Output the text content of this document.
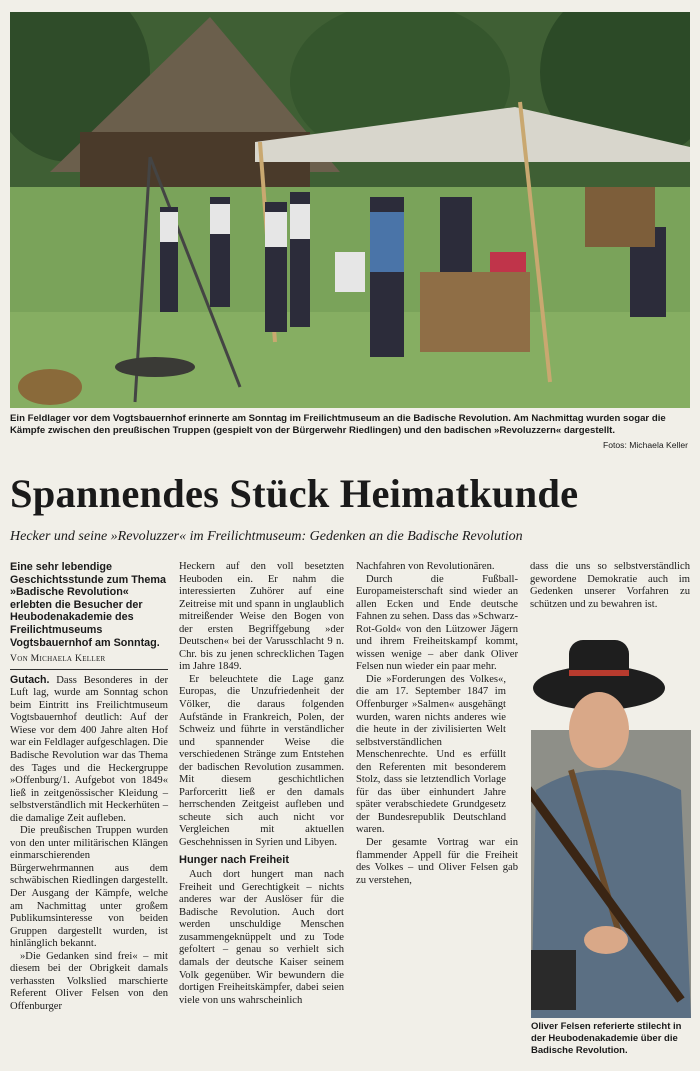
Ein Feldlager vor dem Vogtsbauernhof erinnerte am Sonntag im Freilichtmuseum an die Badische Revolution. Am Nachmittag wurden sogar die Kämpfe zwischen den preußischen Truppen (gespielt von der Bürgerwehr Riedlingen) und den badischen »Revoluzzern« dargestellt.
Fotos: Michaela Keller
Spannendes Stück Heimatkunde
Hecker und seine »Revoluzzer« im Freilichtmuseum: Gedenken an die Badische Revolution
Eine sehr lebendige Geschichtsstunde zum Thema »Badische Revolution« erlebten die Besucher der Heubodenakademie des Freilichtmuseums Vogtsbauernhof am Sonntag.
Von Michaela Keller

Gutach. Dass Besonderes in der Luft lag, wurde am Sonntag schon beim Eintritt ins Freilichtmuseum Vogtsbauernhof deutlich: Auf der Wiese vor dem 400 Jahre alten Hof war ein Feldlager aufgeschlagen. Die Badische Revolution war das Thema des Tages und die Heckergruppe »Offenburg/1. Aufgebot von 1849« ließ in zeitgenössischer Kleidung – selbstverständlich mit Heckerhüten – die damalige Zeit aufleben.

Die preußischen Truppen wurden von den unter militärischen Klängen einmarschierenden Bürgerwehrmannen aus dem schwäbischen Riedlingen dargestellt. Der Ausgang der Kämpfe, welche am Nachmittag unter großem Publikumsinteresse von beiden Gruppen dargestellt wurden, ist hinlänglich bekannt.

»Die Gedanken sind frei« – mit diesem bei der Obrigkeit damals verhassten Volkslied marschierte Referent Oliver Felsen von den Offenburger

Heckern auf den voll besetzten Heuboden ein. Er nahm die interessierten Zuhörer auf eine Zeitreise mit und spann in unglaublich mitreißender Weise den Bogen von der ersten Begriffgebung »der Deutschen« bei der Varusschlacht 9 n. Chr. bis zu jenen schrecklichen Tagen im Jahre 1849.

Er beleuchtete die Lage ganz Europas, die Unzufriedenheit der Völker, die daraus folgenden Aufstände in Frankreich, Polen, der Schweiz und führte in verständlicher und spannender Weise die verschiedenen Stränge zum Entstehen der badischen Revolution zusammen. Mit diesem geschichtlichen Parforceritt ließ er den damals herrschenden Zeitgeist aufleben und scheute sich auch nicht vor Vergleichen mit aktuellen Geschehnissen in Syrien und Libyen.

Hunger nach Freiheit

Auch dort hungert man nach Freiheit und Gerechtigkeit – nichts anderes war der Auslöser für die Badische Revolution. Auch dort werden unschuldige Menschen zusammengeknüppelt und zu Tode gefoltert – genau so verhielt sich damals der deutsche Kaiser seinem Volk gegenüber. Wir bewundern die dortigen Freiheitskämpfer, dabei seien viele von uns wahrscheinlich

Nachfahren von Revolutionären.

Durch die Fußball-Europameisterschaft sind wieder an allen Ecken und Ende deutsche Fahnen zu sehen. Dass das »Schwarz-Rot-Gold« von den Lützower Jägern und ihrem Freiheitskampf kommt, wissen wenige – aber dank Oliver Felsen nun wieder ein paar mehr.

Die »Forderungen des Volkes«, die am 17. September 1847 im Offenburger »Salmen« ausgehängt wurden, waren nichts anderes wie die heute in der zivilisierten Welt selbstverständlichen Menschenrechte. Und es erfüllt den Referenten mit besonderem Stolz, dass sie letztendlich Vorlage für das über einhundert Jahre später verabschiedete Grundgesetz der Bundesrepublik Deutschland waren.

Der gesamte Vortrag war ein flammender Appell für die Freiheit des Volkes – und Oliver Felsen gab zu verstehen,

dass die uns so selbstverständlich gewordene Demokratie auch im Gedenken unserer Vorfahren zu schützen und zu bewahren ist.

Oliver Felsen referierte stilecht in der Heubodenakademie über die Badische Revolution.
